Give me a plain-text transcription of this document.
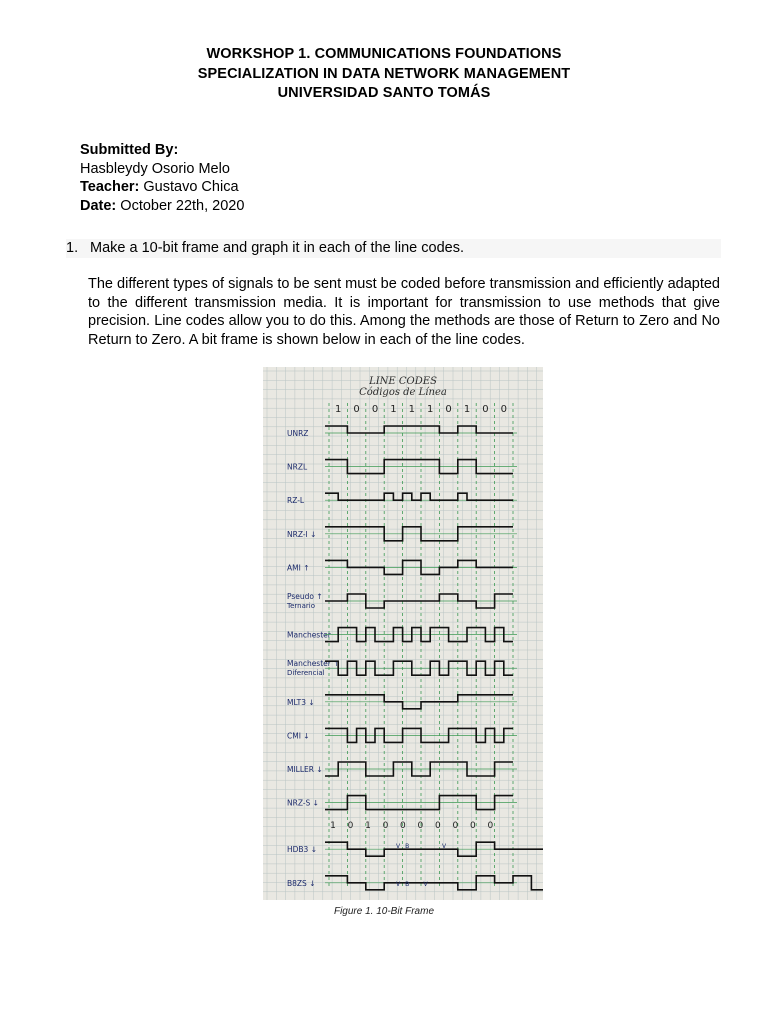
WORKSHOP 1. COMMUNICATIONS FOUNDATIONS
SPECIALIZATION IN DATA NETWORK MANAGEMENT
UNIVERSIDAD SANTO TOMÁS
Submitted By:
Hasbleydy Osorio Melo
Teacher: Gustavo Chica
Date: October 22th, 2020
1. Make a 10-bit frame and graph it in each of the line codes.
The different types of signals to be sent must be coded before transmission and efficiently adapted to the different transmission media. It is important for transmission to use methods that give precision. Line codes allow you to do this. Among the methods are those of Return to Zero and No Return to Zero. A bit frame is shown below in each of the line codes.
LINE CODES
Códigos de Línea
1 0 0 1 1 1 0 1 0 0
1 0 1 0 0 0 0 0 0 0
UNRZ
NRZL
RZ-L
NRZ-I ↓
AMI ↑
Pseudo ↑
Ternario
Manchester
Manchester ↑
Diferencial
MLT3 ↓
CMI ↓
MILLER ↓
NRZ-S ↓
HDB3 ↓	V B	V
B8ZS ↓	V B V
Figure 1. 10-Bit Frame
